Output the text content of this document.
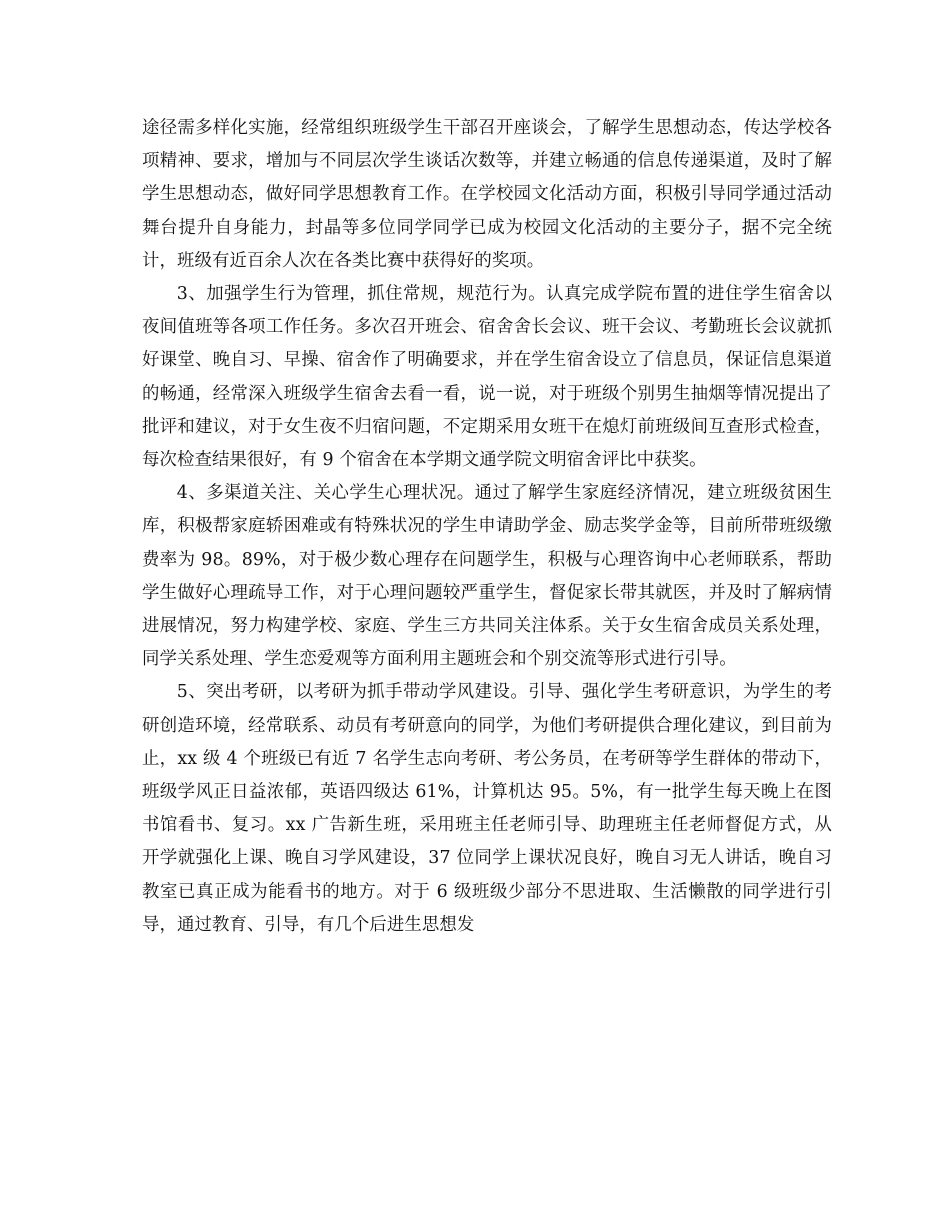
途径需多样化实施，经常组织班级学生干部召开座谈会，了解学生思想动态，传达学校各项精神、要求，增加与不同层次学生谈话次数等，并建立畅通的信息传递渠道，及时了解学生思想动态，做好同学思想教育工作。在学校园文化活动方面，积极引导同学通过活动舞台提升自身能力，封晶等多位同学同学已成为校园文化活动的主要分子，据不完全统计，班级有近百余人次在各类比赛中获得好的奖项。

3、加强学生行为管理，抓住常规，规范行为。认真完成学院布置的进住学生宿舍以夜间值班等各项工作任务。多次召开班会、宿舍舍长会议、班干会议、考勤班长会议就抓好课堂、晚自习、早操、宿舍作了明确要求，并在学生宿舍设立了信息员，保证信息渠道的畅通，经常深入班级学生宿舍去看一看，说一说，对于班级个别男生抽烟等情况提出了批评和建议，对于女生夜不归宿问题，不定期采用女班干在熄灯前班级间互查形式检查，每次检查结果很好，有 9 个宿舍在本学期文通学院文明宿舍评比中获奖。

4、多渠道关注、关心学生心理状况。通过了解学生家庭经济情况，建立班级贫困生库，积极帮家庭轿困难或有特殊状况的学生申请助学金、励志奖学金等，目前所带班级缴费率为 98。89%，对于极少数心理存在问题学生，积极与心理咨询中心老师联系，帮助学生做好心理疏导工作，对于心理问题较严重学生，督促家长带其就医，并及时了解病情进展情况，努力构建学校、家庭、学生三方共同关注体系。关于女生宿舍成员关系处理，同学关系处理、学生恋爱观等方面利用主题班会和个别交流等形式进行引导。

5、突出考研，以考研为抓手带动学风建设。引导、强化学生考研意识，为学生的考研创造环境，经常联系、动员有考研意向的同学，为他们考研提供合理化建议，到目前为止，xx 级 4 个班级已有近 7 名学生志向考研、考公务员，在考研等学生群体的带动下，班级学风正日益浓郁，英语四级达 61%，计算机达 95。5%，有一批学生每天晚上在图书馆看书、复习。xx 广告新生班，采用班主任老师引导、助理班主任老师督促方式，从开学就强化上课、晚自习学风建设，37 位同学上课状况良好，晚自习无人讲话，晚自习教室已真正成为能看书的地方。对于 6 级班级少部分不思进取、生活懒散的同学进行引导，通过教育、引导，有几个后进生思想发
